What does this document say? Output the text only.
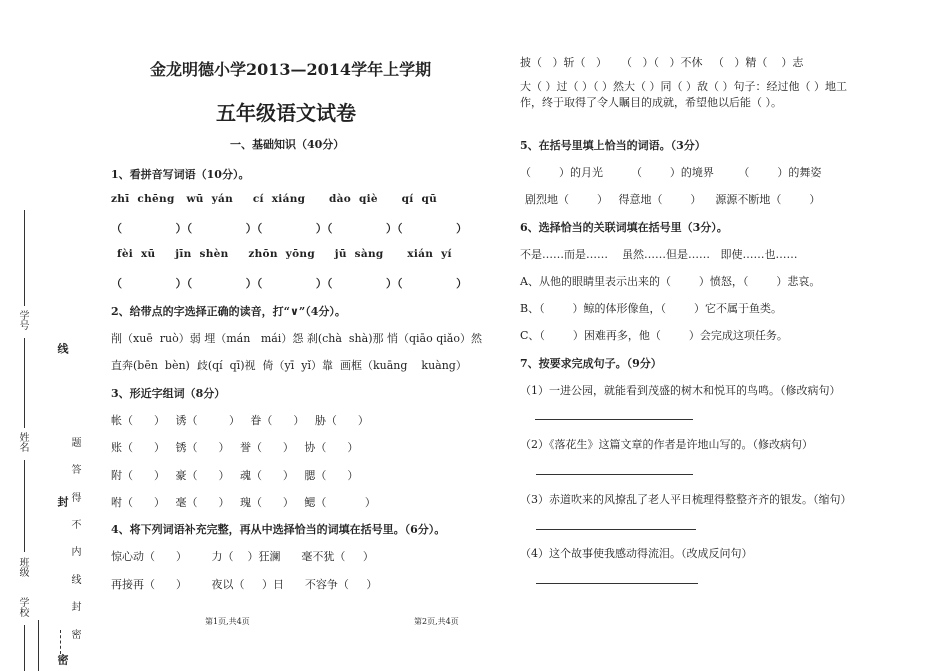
学号
姓名
班级
学校
线
封
密
题
答
得
不
内
线
封
密
金龙明德小学2013—2014学年上学期
五年级语文试卷
一、基础知识（40分）
1、看拼音写词语（10分）。
zhī  chēng   wū  yán     cí  xiáng      dào  qiè      qí  qū
（              ）（              ）（              ）（              ）（              ）
fèi  xū     jīn  shèn     zhōn  yōng     jū  sàng      xián  yí
（              ）（              ）（              ）（              ）（              ）
2、给带点的字选择正确的读音，打“∨”（4分）。
削（xuē  ruò）弱 埋（mán   mái）怨 刹(chà  shà)那 悄（qiāo qiǎo）然
直奔(bēn  bèn)  歧(qí  qī)视  倚（yī  yǐ）靠  画框（kuāng    kuàng）
3、形近字组词（8分）
帐（      ）   诱（         ）   眷（      ）   胁（      ）
账（      ）   锈（      ）   誉（      ）   协（      ）
附（      ）   豪（      ）   魂（      ）   腮（      ）
咐（      ）   毫（      ）   瑰（      ）   鳃（           ）
4、将下列词语补充完整，再从中选择恰当的词填在括号里。（6分）。
惊心动（      ）       力（    ）狂澜      毫不犹（     ）
再接再（      ）       夜以（     ）日      不容争（     ）
第1页,共4页	第2页,共4页
披（   ）斩（   ）    （   ）（   ）不休   （   ）精（    ）志
大（ ）过（ ）（ ）然大（ ）同（ ）敌（ ）句子：经过他（ ）地工作，终于取得了令人瞩目的成就，希望他以后能（ ）。
5、在括号里填上恰当的词语。（3分）
（        ）的月光        （        ）的境界       （        ）的舞姿
剧烈地（        ）   得意地（        ）    源源不断地（        ）
6、选择恰当的关联词填在括号里（3分）。
不是……而是……    虽然……但是……   即使……也……
A、从他的眼睛里表示出来的（        ）愤怒，（        ）悲哀。
B、（        ）鲸的体形像鱼，（        ）它不属于鱼类。
C、（        ）困难再多，他（        ）会完成这项任务。
7、按要求完成句子。（9分）
（1）一进公园，就能看到茂盛的树木和悦耳的鸟鸣。（修改病句）
（2）《落花生》这篇文章的作者是许地山写的。（修改病句）
（3）赤道吹来的风撩乱了老人平日梳理得整整齐齐的银发。（缩句）
（4）这个故事使我感动得流泪。（改成反问句）
